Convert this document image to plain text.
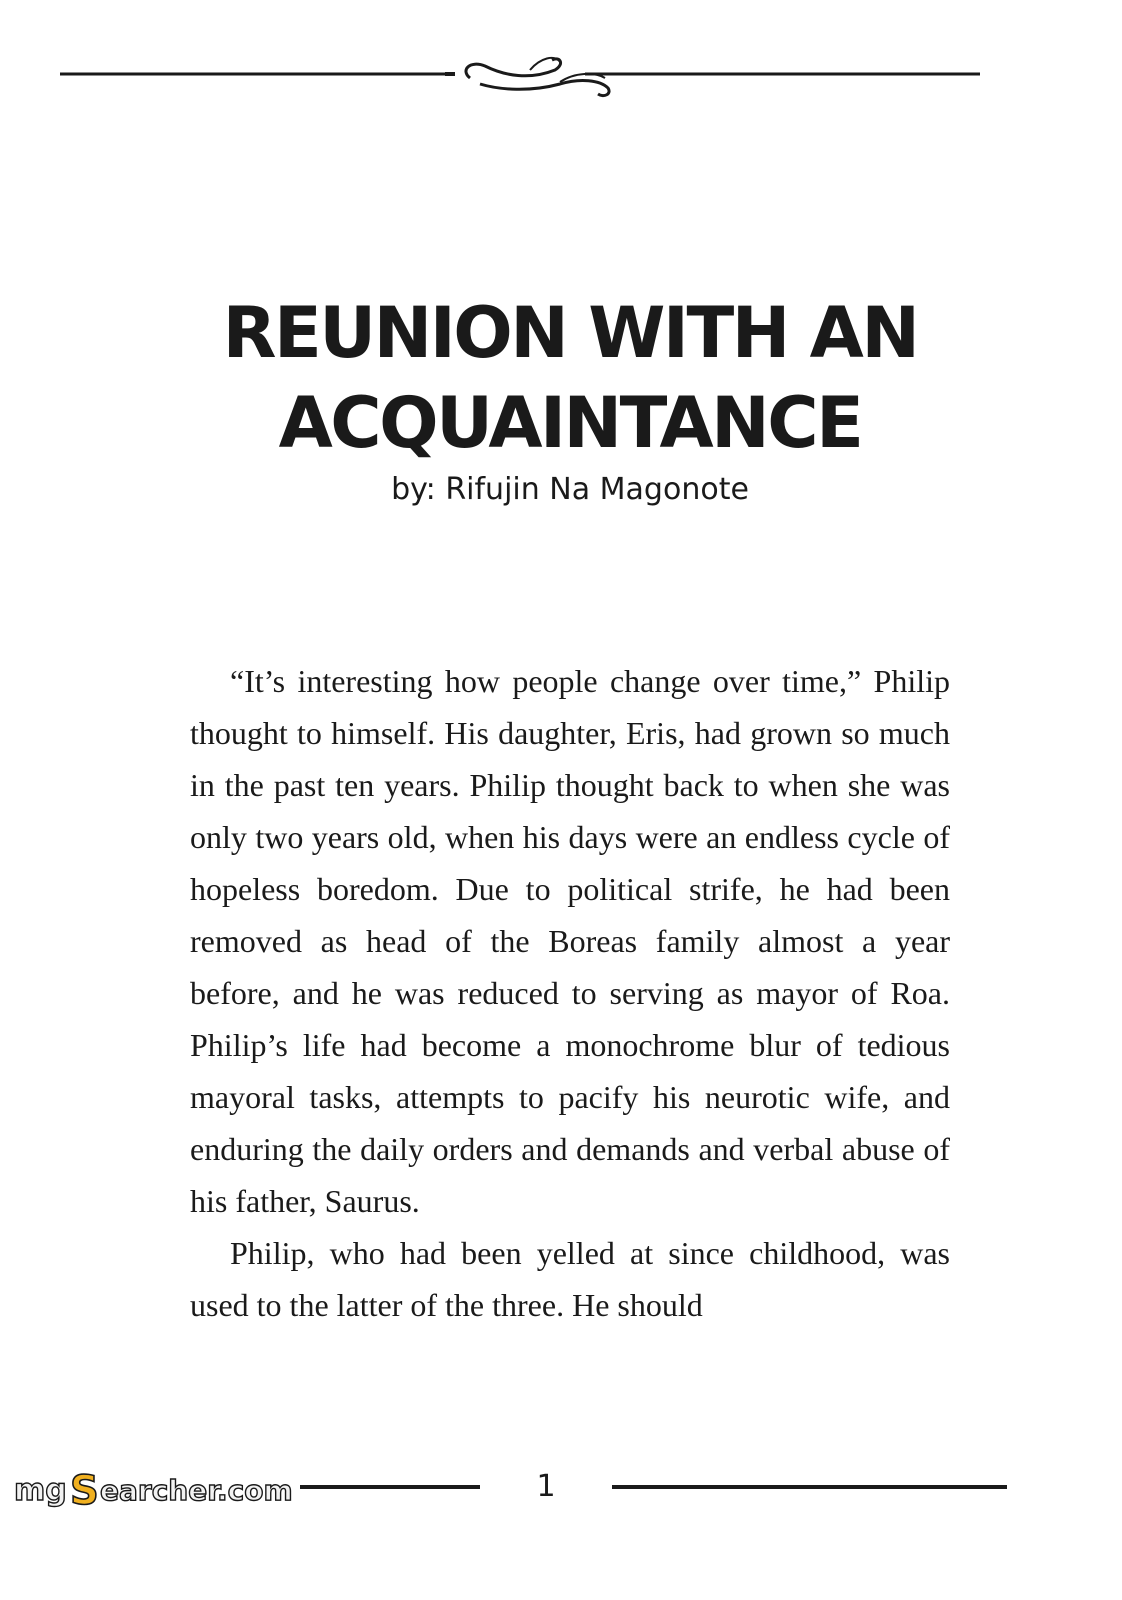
REUNION WITH AN
ACQUAINTANCE
by: Rifujin Na Magonote

“It’s interesting how people change over time,” Philip thought to himself. His daughter, Eris, had grown so much in the past ten years. Philip thought back to when she was only two years old, when his days were an endless cycle of hopeless boredom. Due to political strife, he had been removed as head of the Boreas family almost a year before, and he was reduced to serving as mayor of Roa. Philip’s life had become a monochrome blur of tedious mayoral tasks, attempts to pacify his neurotic wife, and enduring the daily orders and demands and verbal abuse of his father, Saurus.

Philip, who had been yelled at since childhood, was used to the latter of the three. He should

mg S earcher.com	1
